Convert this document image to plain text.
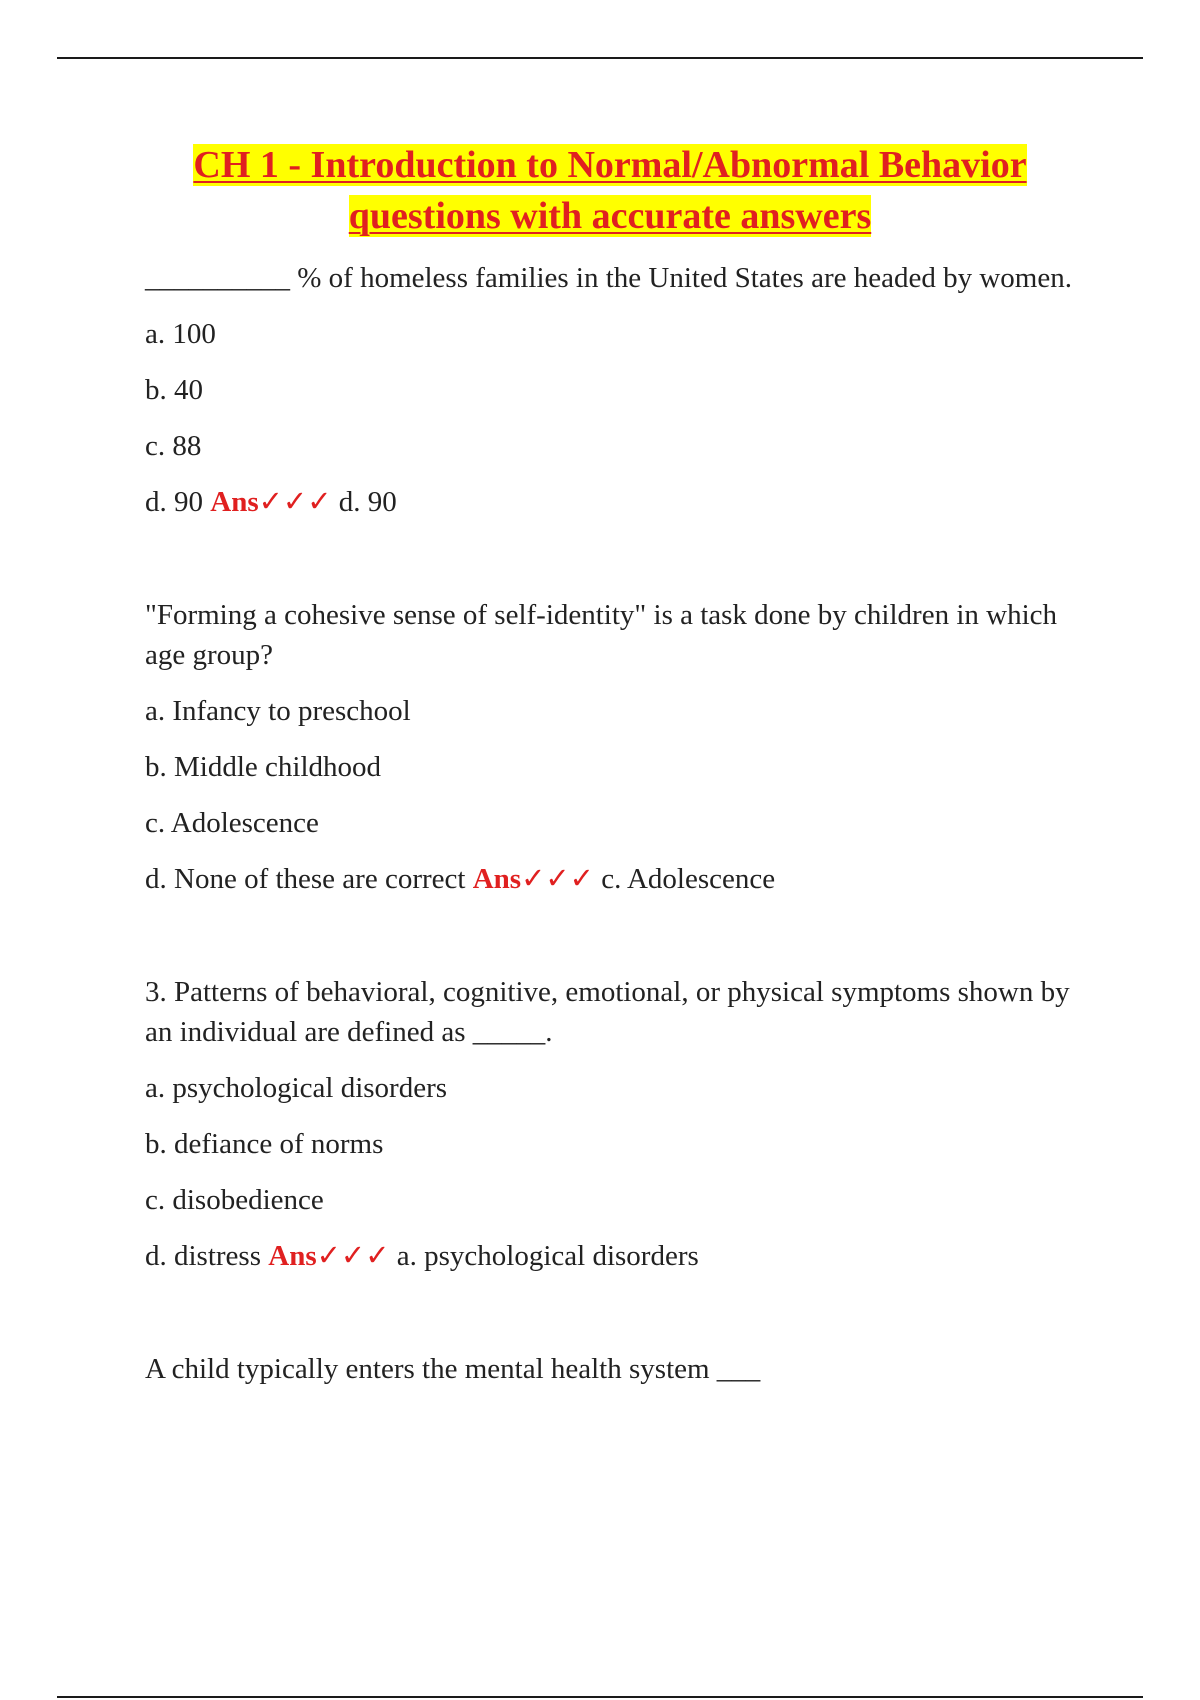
CH 1 - Introduction to Normal/Abnormal Behavior
questions with accurate answers

__________ % of homeless families in the United States are headed by women.

a. 100
b. 40
c. 88
d. 90 Ans✓✓✓ d. 90

"Forming a cohesive sense of self-identity" is a task done by children in which age group?

a. Infancy to preschool
b. Middle childhood
c. Adolescence
d. None of these are correct Ans✓✓✓ c. Adolescence

3. Patterns of behavioral, cognitive, emotional, or physical symptoms shown by an individual are defined as _____.

a. psychological disorders
b. defiance of norms
c. disobedience
d. distress Ans✓✓✓ a. psychological disorders

A child typically enters the mental health system ___
